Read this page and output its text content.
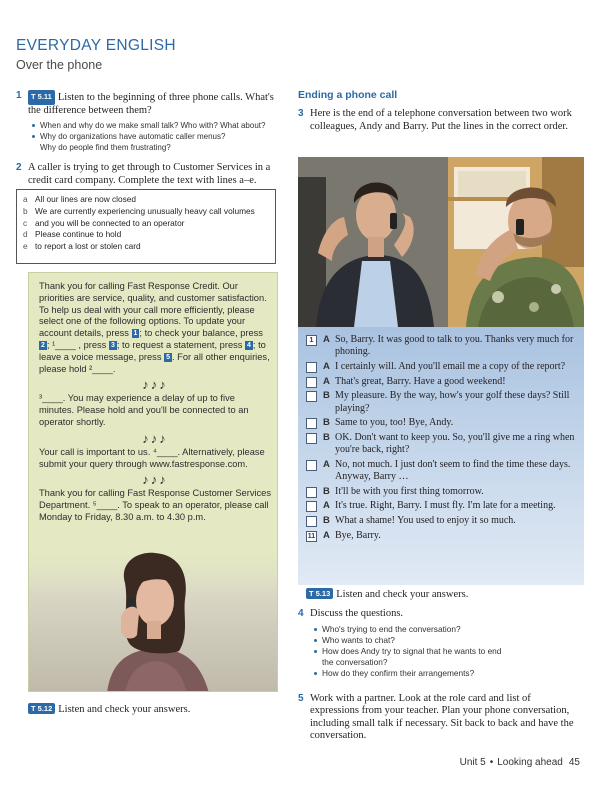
EVERYDAY ENGLISH
Over the phone
1 T 5.11 Listen to the beginning of three phone calls. What's the difference between them?
When and why do we make small talk? Who with? What about?
Why do organizations have automatic caller menus?
Why do people find them frustrating?
2 A caller is trying to get through to Customer Services in a credit card company. Complete the text with lines a–e.
a All our lines are now closed
b We are currently experiencing unusually heavy call volumes
c and you will be connected to an operator
d Please continue to hold
e to report a lost or stolen card

Thank you for calling Fast Response Credit. Our priorities are service, quality, and customer satisfaction. To help us deal with your call more efficiently, please select one of the following options. To update your account details, press 1 ; to check your balance, press 2 ; ¹____ , press 3 ; to request a statement, press 4 ; to leave a voice message, press 5 . For all other enquiries, please hold ²____.

♪♪♪

³____. You may experience a delay of up to five minutes. Please hold and you'll be connected to an operator shortly.

♪♪♪

Your call is important to us. ⁴____. Alternatively, please submit your query through www.fastresponse.com.

♪♪♪

Thank you for calling Fast Response Customer Services Department. ⁵____. To speak to an operator, please call Monday to Friday, 8.30 a.m. to 4.30 p.m.

T 5.12 Listen and check your answers.
Ending a phone call
3 Here is the end of a telephone conversation between two work colleagues, Andy and Barry. Put the lines in the correct order.
1	A So, Barry. It was good to talk to you. Thanks very much for phoning.
A I certainly will. And you'll email me a copy of the report?
A That's great, Barry. Have a good weekend!
B My pleasure. By the way, how's your golf these days? Still playing?
B Same to you, too! Bye, Andy.
B OK. Don't want to keep you. So, you'll give me a ring when you're back, right?
A No, not much. I just don't seem to find the time these days. Anyway, Barry …
B It'll be with you first thing tomorrow.
A It's true. Right, Barry. I must fly. I'm late for a meeting.
B What a shame! You used to enjoy it so much.
11 A Bye, Barry.
T 5.13 Listen and check your answers.
4 Discuss the questions.
Who's trying to end the conversation?
Who wants to chat?
How does Andy try to signal that he wants to end
the conversation?
How do they confirm their arrangements?
5 Work with a partner. Look at the role card and list of expressions from your teacher. Plan your phone conversation, including small talk if necessary. Sit back to back and have the conversation.
Unit 5 • Looking ahead 45
